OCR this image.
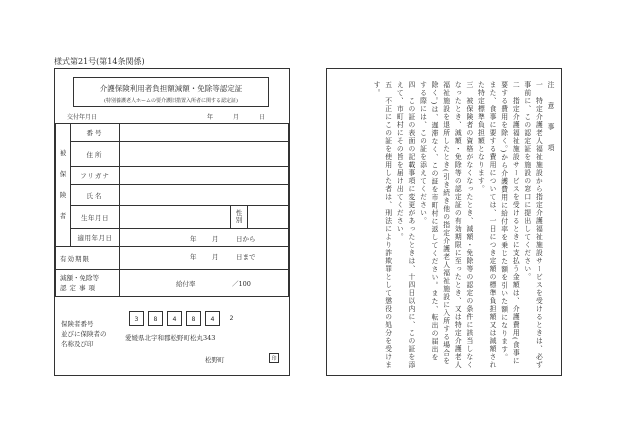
様式第21号(第14条関係)
介護保険利用者負担額減額・免除等認定証
(特別養護老人ホームの要介護旧措置入所者に関する認定証)
交付年月日	年	月	日
被

保

険

者	番号			
	住所			
	フリガナ			
	氏名			
	生年月日		性
別	
	適用年月日	年 月 日から		

有効期限		年 月 日まで		

減額・免除等
認定事項		給付率 ／100		
保険者番号
並びに保険者の
名称及び印
3	8	4	8	4	2
愛媛県北宇和郡松野町松丸343
松野町	印

注 意 事 項

一　特定介護老人福祉施設から指定介護福祉施設サービスを受けるときは、必ず事前に、この認定証を施設の窓口に提出してください。

二　指定介護福祉施設サービスを受けるときに支払う金額は、介護費用(食事に要する費用を除く。)から介護費用に給付率を乗じた額を引いた額になります。また、食事に要する費用については、一日につき定額の標準負担額又は減額された特定標準負担額となります。

三　被保険者の資格がなくなったとき、減額・免除等の認定の条件に該当しなくなったとき、減額・免除等の認定証の有効期限に至ったとき、又は特定介護老人福祉施設を退所したとき(引き続き他の指定介護老人福祉施設に入所する場合を除く。)は、遅滞なく、この証を市町村に返してください。また、転出の届出をする際には、この証を添えてください。

四　この証の表面の記載事項に変更があったときは、十四日以内に、この証を添えて、市町村にその旨を届け出てください。

五　不正にこの証を使用した者は、刑法により詐欺罪として懲役の処分を受けます。
